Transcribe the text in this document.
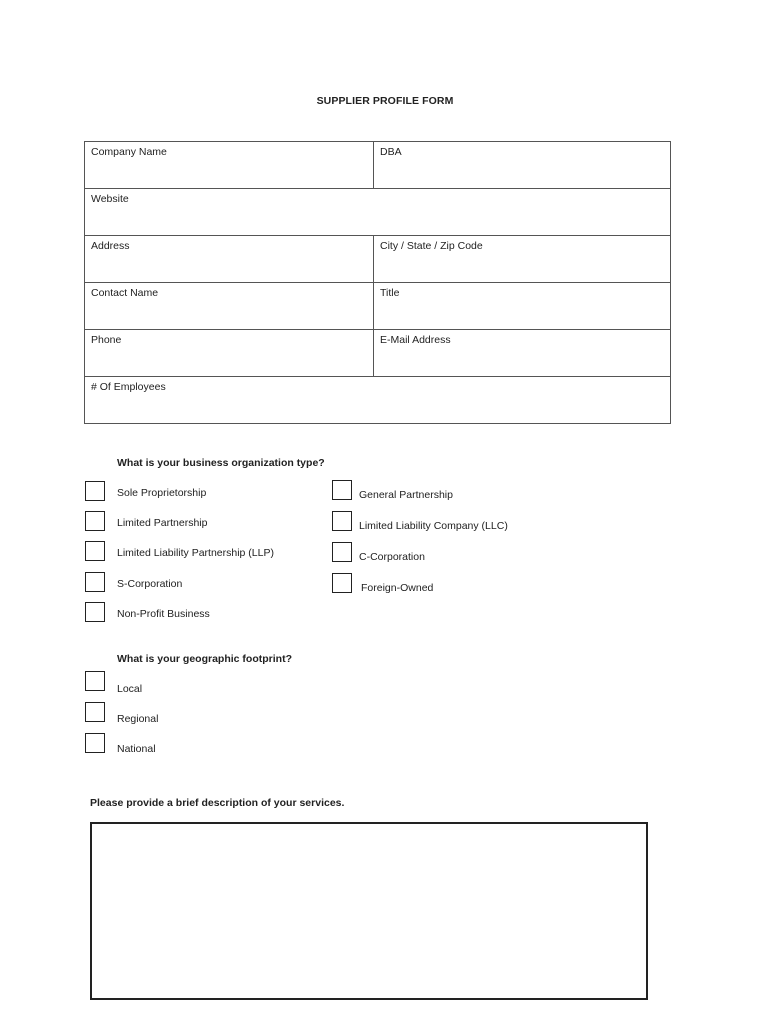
SUPPLIER PROFILE FORM
Company Name	DBA
Website
Address	City / State / Zip Code
Contact Name	Title
Phone	E-Mail Address
# Of Employees
What is your business organization type?
Sole Proprietorship
Limited Partnership
Limited Liability Partnership (LLP)
S-Corporation
Non-Profit Business
General Partnership
Limited Liability Company (LLC)
C-Corporation
Foreign-Owned
What is your geographic footprint?
Local
Regional
National
Please provide a brief description of your services.
